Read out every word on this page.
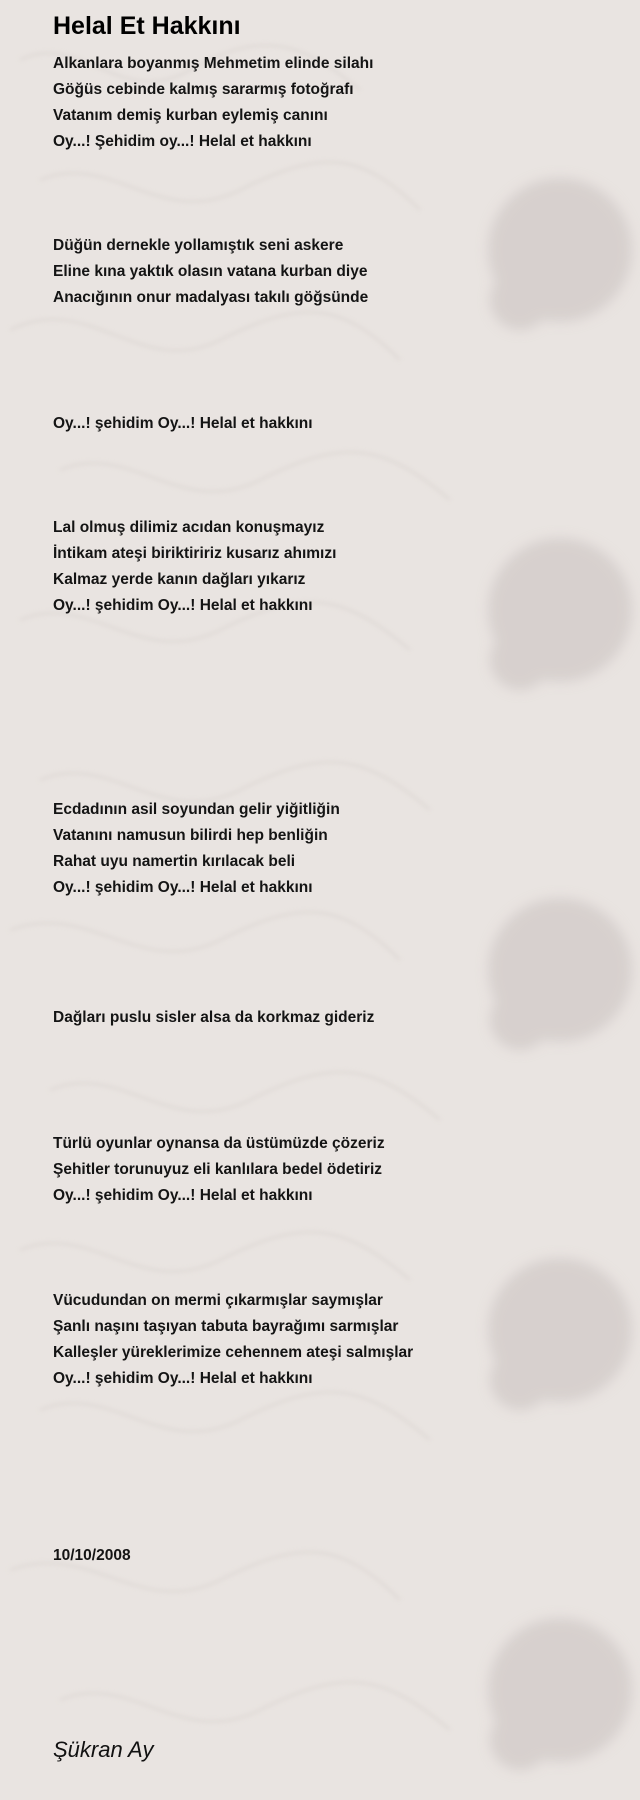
Helal Et Hakkını
Alkanlara boyanmış Mehmetim elinde silahı
Göğüs cebinde kalmış sararmış fotoğrafı
Vatanım demiş kurban eylemiş canını
Oy...! Şehidim oy...! Helal et hakkını
Düğün dernekle yollamıştık seni askere
Eline kına yaktık olasın vatana kurban diye
Anacığının onur madalyası takılı göğsünde
Oy...! şehidim Oy...! Helal et hakkını
Lal olmuş dilimiz acıdan konuşmayız
İntikam ateşi biriktiririz kusarız ahımızı
Kalmaz yerde kanın dağları yıkarız
Oy...! şehidim Oy...! Helal et hakkını
Ecdadının asil soyundan gelir yiğitliğin
Vatanını namusun bilirdi hep benliğin
Rahat uyu namertin kırılacak beli
Oy...! şehidim Oy...! Helal et hakkını
Dağları puslu sisler alsa da korkmaz gideriz
Türlü oyunlar oynansa da üstümüzde çözeriz
Şehitler torunuyuz eli kanlılara bedel ödetiriz
Oy...! şehidim Oy...! Helal et hakkını
Vücudundan on mermi çıkarmışlar saymışlar
Şanlı naşını taşıyan tabuta bayrağımı sarmışlar
Kalleşler yüreklerimize cehennem ateşi salmışlar
Oy...! şehidim Oy...! Helal et hakkını
10/10/2008
Şükran Ay
